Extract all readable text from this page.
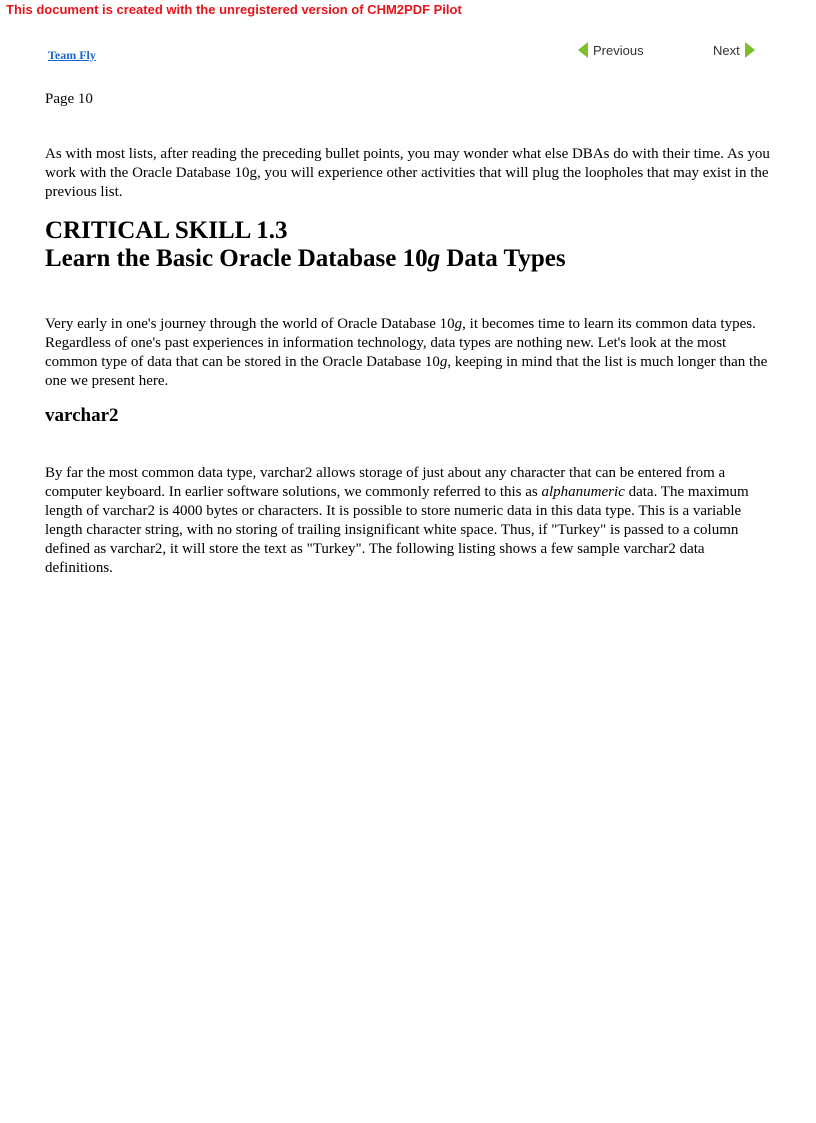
This document is created with the unregistered version of CHM2PDF Pilot
Team Fly	Previous	Next
Page 10

As with most lists, after reading the preceding bullet points, you may wonder what else DBAs do with their time. As you work with the Oracle Database 10g, you will experience other activities that will plug the loopholes that may exist in the previous list.

CRITICAL SKILL 1.3
Learn the Basic Oracle Database 10g Data Types

Very early in one's journey through the world of Oracle Database 10g, it becomes time to learn its common data types. Regardless of one's past experiences in information technology, data types are nothing new. Let's look at the most common type of data that can be stored in the Oracle Database 10g, keeping in mind that the list is much longer than the one we present here.

varchar2

By far the most common data type, varchar2 allows storage of just about any character that can be entered from a computer keyboard. In earlier software solutions, we commonly referred to this as alphanumeric data. The maximum length of varchar2 is 4000 bytes or characters. It is possible to store numeric data in this data type. This is a variable length character string, with no storing of trailing insignificant white space. Thus, if "Turkey" is passed to a column defined as varchar2, it will store the text as "Turkey". The following listing shows a few sample varchar2 data definitions.
